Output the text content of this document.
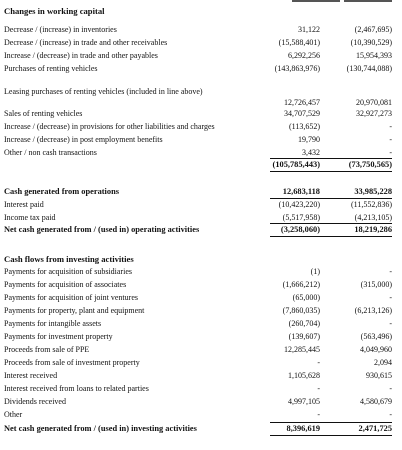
Changes in working capital
Decrease / (increase) in inventories	31,122	(2,467,695)
Decrease / (increase) in trade and other receivables	(15,588,401)	(10,390,529)
Increase / (decrease) in trade and other payables	6,292,256	15,954,393
Purchases of renting vehicles	(143,863,976)	(130,744,088)
Leasing purchases of renting vehicles (included in line above)
12,726,457	20,970,081
Sales of renting vehicles	34,707,529	32,927,273
Increase / (decrease) in provisions for other liabilities and charges	(113,652)	-
Increase / (decrease) in post employment benefits	19,790	-
Other / non cash transactions	3,432	-
(105,785,443)	(73,750,565)
Cash generated from operations	12,683,118	33,985,228
Interest paid	(10,423,220)	(11,552,836)
Income tax paid	(5,517,958)	(4,213,105)
Net cash generated from / (used in) operating activities	(3,258,060)	18,219,286
Cash flows from investing activities
Payments for acquisition of subsidiaries	(1)	-
Payments for acquisition of associates	(1,666,212)	(315,000)
Payments for acquisition of joint ventures	(65,000)	-
Payments for property, plant and equipment	(7,860,035)	(6,213,126)
Payments for intangible assets	(260,704)	-
Payments for investment property	(139,607)	(563,496)
Proceeds from sale of PPE	12,285,445	4,049,960
Proceeds from sale of investment property	-	2,094
Interest received	1,105,628	930,615
Interest received from loans to related parties	-	-
Dividends received	4,997,105	4,580,679
Other	-	-
Net cash generated from / (used in) investing activities	8,396,619	2,471,725
